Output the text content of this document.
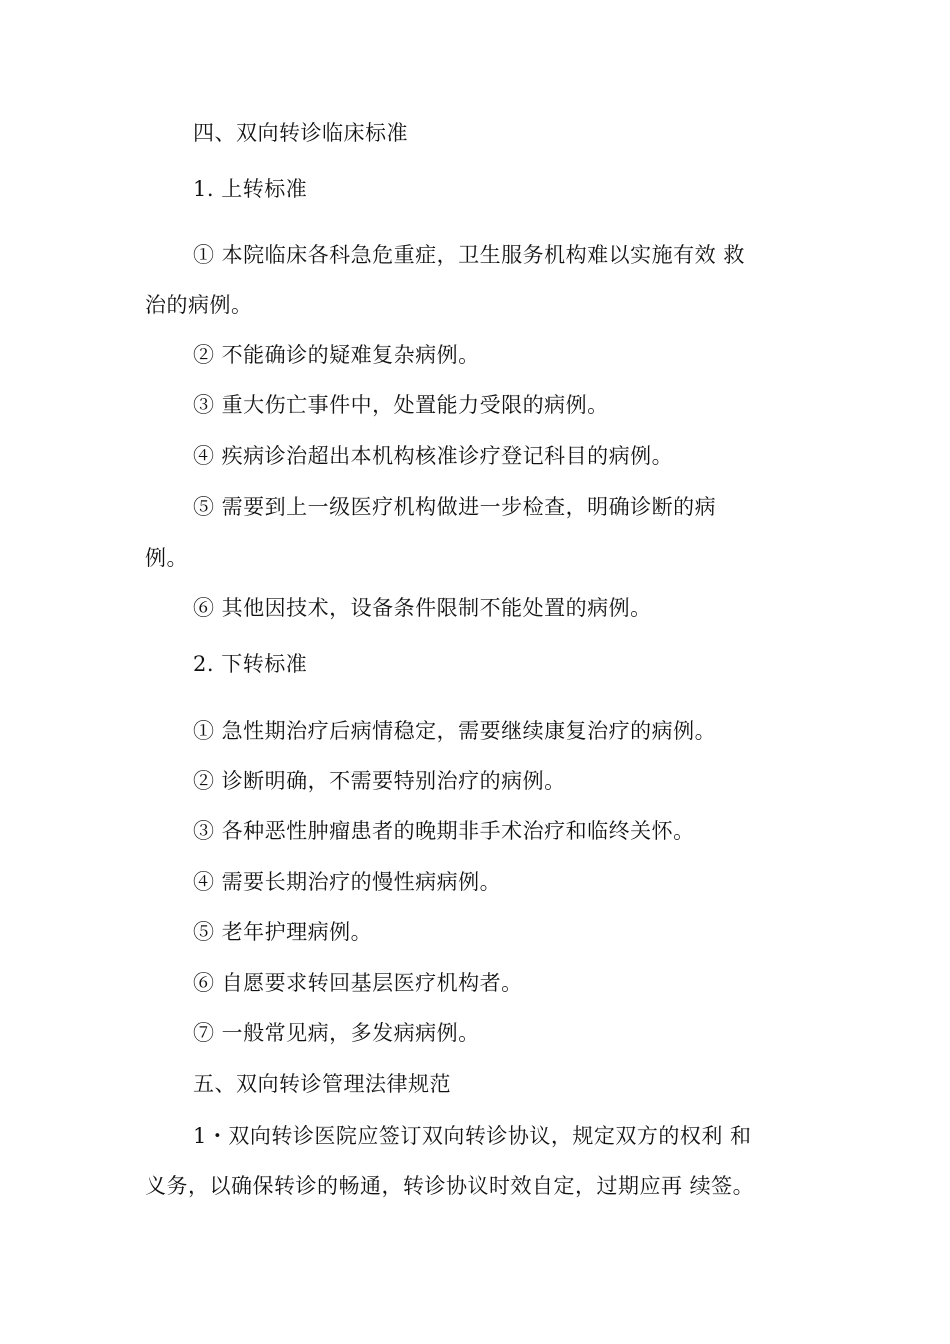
四、双向转诊临床标准

1. 上转标准

① 本院临床各科急危重症，卫生服务机构难以实施有效 救

治的病例。

② 不能确诊的疑难复杂病例。

③ 重大伤亡事件中，处置能力受限的病例。

④ 疾病诊治超出本机构核准诊疗登记科目的病例。

⑤ 需要到上一级医疗机构做进一步检查，明确诊断的病

例。

⑥ 其他因技术，设备条件限制不能处置的病例。

2. 下转标准

① 急性期治疗后病情稳定，需要继续康复治疗的病例。

② 诊断明确，不需要特别治疗的病例。

③ 各种恶性肿瘤患者的晚期非手术治疗和临终关怀。

④ 需要长期治疗的慢性病病例。

⑤ 老年护理病例。

⑥ 自愿要求转回基层医疗机构者。

⑦ 一般常见病，多发病病例。

五、双向转诊管理法律规范

1・双向转诊医院应签订双向转诊协议，规定双方的权利 和

义务，以确保转诊的畅通，转诊协议时效自定，过期应再 续签。
